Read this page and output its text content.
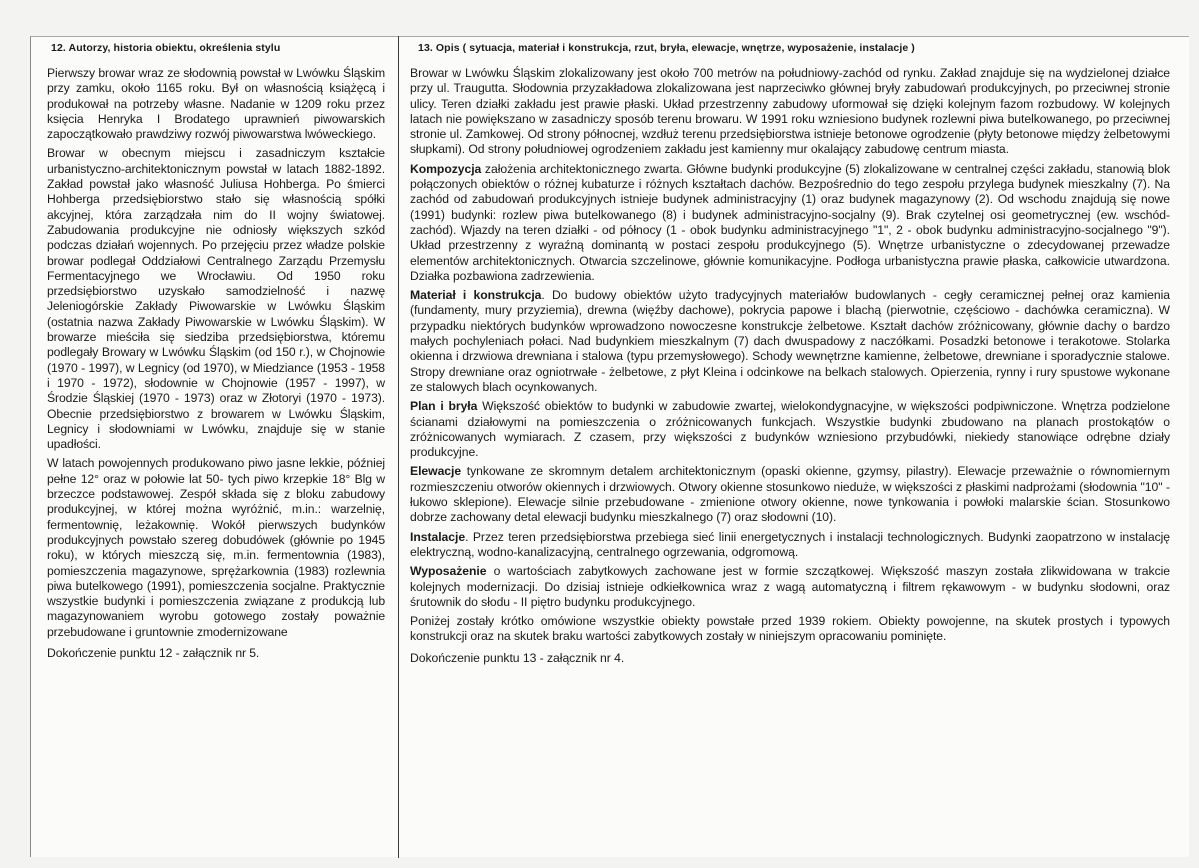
12. Autorzy, historia obiektu, określenia stylu

Pierwszy browar wraz ze słodownią powstał w Lwówku Śląskim przy zamku, około 1165 roku. Był on własnością książęcą i produkował na potrzeby własne. Nadanie w 1209 roku przez księcia Henryka I Brodatego uprawnień piwowarskich zapoczątkowało prawdziwy rozwój piwowarstwa lwóweckiego.

Browar w obecnym miejscu i zasadniczym kształcie urbanistyczno-architektonicznym powstał w latach 1882-1892. Zakład powstał jako własność Juliusa Hohberga. Po śmierci Hohberga przedsiębiorstwo stało się własnością spółki akcyjnej, która zarządzała nim do II wojny światowej. Zabudowania produkcyjne nie odniosły większych szkód podczas działań wojennych. Po przejęciu przez władze polskie browar podlegał Oddziałowi Centralnego Zarządu Przemysłu Fermentacyjnego we Wrocławiu. Od 1950 roku przedsiębiorstwo uzyskało samodzielność i nazwę Jeleniogórskie Zakłady Piwowarskie w Lwówku Śląskim (ostatnia nazwa Zakłady Piwowarskie w Lwówku Śląskim). W browarze mieściła się siedziba przedsiębiorstwa, któremu podlegały Browary w Lwówku Śląskim (od 150 r.), w Chojnowie (1970 - 1997), w Legnicy (od 1970), w Miedziance (1953 - 1958 i 1970 - 1972), słodownie w Chojnowie (1957 - 1997), w Środzie Śląskiej (1970 - 1973) oraz w Złotoryi (1970 - 1973). Obecnie przedsiębiorstwo z browarem w Lwówku Śląskim, Legnicy i słodowniami w Lwówku, znajduje się w stanie upadłości.

W latach powojennych produkowano piwo jasne lekkie, później pełne 12° oraz w połowie lat 50- tych piwo krzepkie 18° Blg w brzeczce podstawowej. Zespół składa się z bloku zabudowy produkcyjnej, w której można wyróżnić, m.in.: warzelnię, fermentownię, leżakownię. Wokół pierwszych budynków produkcyjnych powstało szereg dobudówek (głównie po 1945 roku), w których mieszczą się, m.in. fermentownia (1983), pomieszczenia magazynowe, sprężarkownia (1983) rozlewnia piwa butelkowego (1991), pomieszczenia socjalne. Praktycznie wszystkie budynki i pomieszczenia związane z produkcją lub magazynowaniem wyrobu gotowego zostały poważnie przebudowane i gruntownie zmodernizowane

Dokończenie punktu 12 - załącznik nr 5.

13. Opis ( sytuacja, materiał i konstrukcja, rzut, bryła, elewacje, wnętrze, wyposażenie, instalacje )

Browar w Lwówku Śląskim zlokalizowany jest około 700 metrów na południowy-zachód od rynku. Zakład znajduje się na wydzielonej działce przy ul. Traugutta. Słodownia przyzakładowa zlokalizowana jest naprzeciwko głównej bryły zabudowań produkcyjnych, po przeciwnej stronie ulicy. Teren działki zakładu jest prawie płaski. Układ przestrzenny zabudowy uformował się dzięki kolejnym fazom rozbudowy. W kolejnych latach nie powiększano w zasadniczy sposób terenu browaru. W 1991 roku wzniesiono budynek rozlewni piwa butelkowanego, po przeciwnej stronie ul. Zamkowej. Od strony północnej, wzdłuż terenu przedsiębiorstwa istnieje betonowe ogrodzenie (płyty betonowe między żelbetowymi słupkami). Od strony południowej ogrodzeniem zakładu jest kamienny mur okalający zabudowę centrum miasta.

Kompozycja założenia architektonicznego zwarta. Główne budynki produkcyjne (5) zlokalizowane w centralnej części zakładu, stanowią blok połączonych obiektów o różnej kubaturze i różnych kształtach dachów. Bezpośrednio do tego zespołu przylega budynek mieszkalny (7). Na zachód od zabudowań produkcyjnych istnieje budynek administracyjny (1) oraz budynek magazynowy (2). Od wschodu znajdują się nowe (1991) budynki: rozlew piwa butelkowanego (8) i budynek administracyjno-socjalny (9). Brak czytelnej osi geometrycznej (ew. wschód-zachód). Wjazdy na teren działki - od północy (1 - obok budynku administracyjnego "1", 2 - obok budynku administracyjno-socjalnego "9"). Układ przestrzenny z wyraźną dominantą w postaci zespołu produkcyjnego (5). Wnętrze urbanistyczne o zdecydowanej przewadze elementów architektonicznych. Otwarcia szczelinowe, głównie komunikacyjne. Podłoga urbanistyczna prawie płaska, całkowicie utwardzona. Działka pozbawiona zadrzewienia.

Materiał i konstrukcja. Do budowy obiektów użyto tradycyjnych materiałów budowlanych - cegły ceramicznej pełnej oraz kamienia (fundamenty, mury przyziemia), drewna (więźby dachowe), pokrycia papowe i blachą (pierwotnie, częściowo - dachówka ceramiczna). W przypadku niektórych budynków wprowadzono nowoczesne konstrukcje żelbetowe. Kształt dachów zróżnicowany, głównie dachy o bardzo małych pochyleniach połaci. Nad budynkiem mieszkalnym (7) dach dwuspadowy z naczółkami. Posadzki betonowe i terakotowe. Stolarka okienna i drzwiowa drewniana i stalowa (typu przemysłowego). Schody wewnętrzne kamienne, żelbetowe, drewniane i sporadycznie stalowe. Stropy drewniane oraz ogniotrwałe - żelbetowe, z płyt Kleina i odcinkowe na belkach stalowych. Opierzenia, rynny i rury spustowe wykonane ze stalowych blach ocynkowanych.

Plan i bryła Większość obiektów to budynki w zabudowie zwartej, wielokondygnacyjne, w większości podpiwniczone. Wnętrza podzielone ścianami działowymi na pomieszczenia o zróżnicowanych funkcjach. Wszystkie budynki zbudowano na planach prostokątów o zróżnicowanych wymiarach. Z czasem, przy większości z budynków wzniesiono przybudówki, niekiedy stanowiące odrębne działy produkcyjne.

Elewacje tynkowane ze skromnym detalem architektonicznym (opaski okienne, gzymsy, pilastry). Elewacje przeważnie o równomiernym rozmieszczeniu otworów okiennych i drzwiowych. Otwory okienne stosunkowo nieduże, w większości z płaskimi nadprożami (słodownia "10" - łukowo sklepione). Elewacje silnie przebudowane - zmienione otwory okienne, nowe tynkowania i powłoki malarskie ścian. Stosunkowo dobrze zachowany detal elewacji budynku mieszkalnego (7) oraz słodowni (10).

Instalacje. Przez teren przedsiębiorstwa przebiega sieć linii energetycznych i instalacji technologicznych. Budynki zaopatrzono w instalację elektryczną, wodno-kanalizacyjną, centralnego ogrzewania, odgromową.

Wyposażenie o wartościach zabytkowych zachowane jest w formie szczątkowej. Większość maszyn została zlikwidowana w trakcie kolejnych modernizacji. Do dzisiaj istnieje odkiełkownica wraz z wagą automatyczną i filtrem rękawowym - w budynku słodowni, oraz śrutownik do słodu - II piętro budynku produkcyjnego.

Poniżej zostały krótko omówione wszystkie obiekty powstałe przed 1939 rokiem. Obiekty powojenne, na skutek prostych i typowych konstrukcji oraz na skutek braku wartości zabytkowych zostały w niniejszym opracowaniu pominięte.

Dokończenie punktu 13 - załącznik nr 4.
